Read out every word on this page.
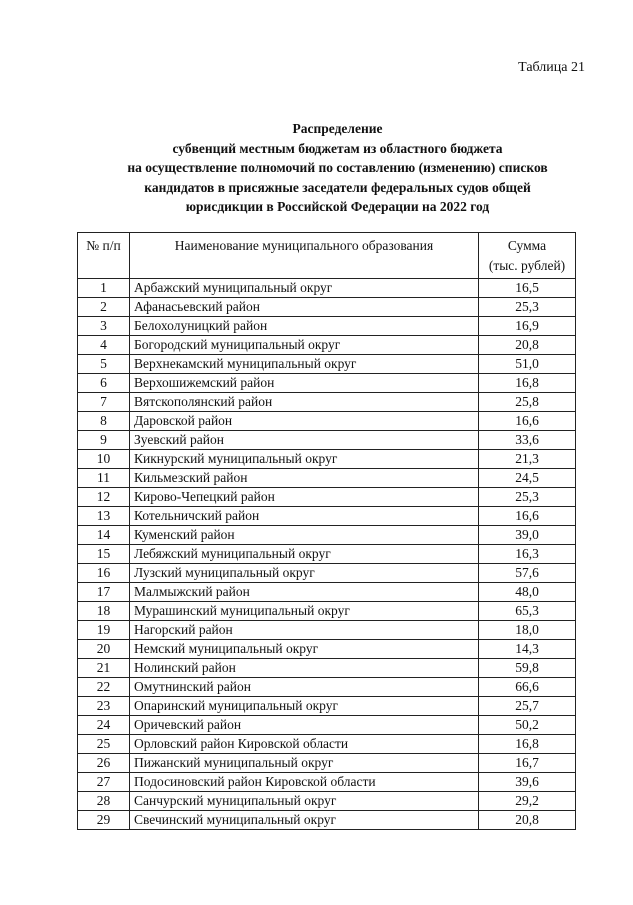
Таблица 21
Распределение
субвенций местным бюджетам из областного бюджета
на осуществление полномочий по составлению (изменению) списков
кандидатов в присяжные заседатели федеральных судов общей
юрисдикции в Российской Федерации на 2022 год
№ п/п	Наименование муниципального образования	Сумма
(тыс. рублей)

1	Арбажский муниципальный округ	16,5
2	Афанасьевский район	25,3
3	Белохолуницкий район	16,9
4	Богородский муниципальный округ	20,8
5	Верхнекамский муниципальный округ	51,0
6	Верхошижемский район	16,8
7	Вятскополянский район	25,8
8	Даровской район	16,6
9	Зуевский район	33,6
10	Кикнурский муниципальный округ	21,3
11	Кильмезский район	24,5
12	Кирово-Чепецкий район	25,3
13	Котельничский район	16,6
14	Куменский район	39,0
15	Лебяжский муниципальный округ	16,3
16	Лузский муниципальный округ	57,6
17	Малмыжский район	48,0
18	Мурашинский муниципальный округ	65,3
19	Нагорский район	18,0
20	Немский муниципальный округ	14,3
21	Нолинский район	59,8
22	Омутнинский район	66,6
23	Опаринский муниципальный округ	25,7
24	Оричевский район	50,2
25	Орловский район Кировской области	16,8
26	Пижанский муниципальный округ	16,7
27	Подосиновский район Кировской области	39,6
28	Санчурский муниципальный округ	29,2
29	Свечинский муниципальный округ	20,8
